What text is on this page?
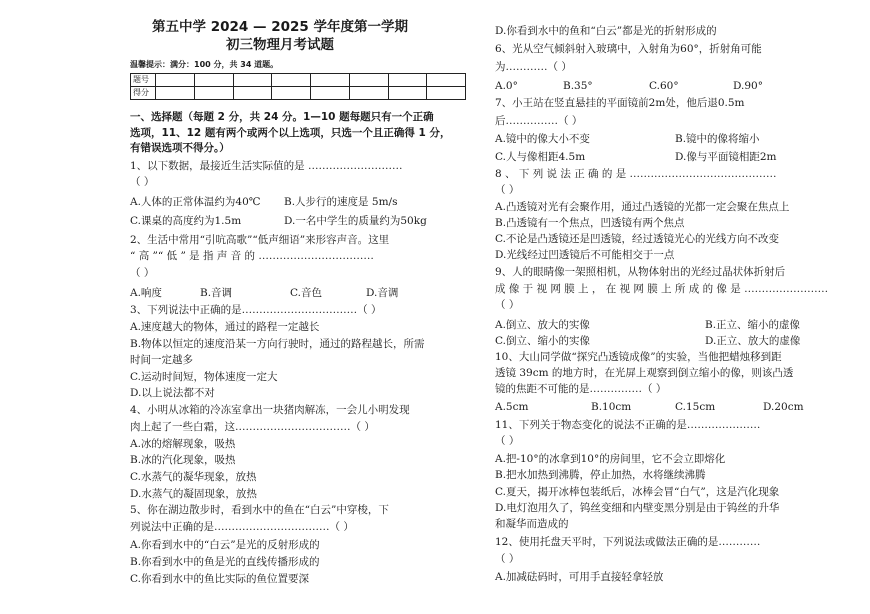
第五中学 2024 — 2025 学年度第一学期
初三物理月考试题
温馨提示：满分：100 分，共 34 道题。
题号								
得分								
一、选择题（每题 2 分，共 24 分。1—10 题每题只有一个正确
选项，11、12 题有两个或两个以上选项，只选一个且正确得 1 分，
有错误选项不得分。）
1、以下数据，最接近生活实际值的是 ………………………
（ ）
A.人体的正常体温约为40℃ B.人步行的速度是 5m/s
C.课桌的高度约为1.5m	D.一名中学生的质量约为50kg
2、生活中常用“引吭高歌”“低声细语”来形容声音。这里
“ 高 ”“ 低 ” 是 指 声 音 的 ……………………………
（ ）
A.响度	B.音调	C.音色	D.音调
3、下列说法中正确的是……………………………（ ）
A.速度越大的物体，通过的路程一定越长
B.物体以恒定的速度沿某一方向行驶时，通过的路程越长，所需
时间一定越多
C.运动时间短，物体速度一定大
D.以上说法都不对
4、小明从冰箱的冷冻室拿出一块猪肉解冻，一会儿小明发现
肉上起了一些白霜，这……………………………（ ）
A.冰的熔解现象，吸热
B.冰的汽化现象，吸热
C.水蒸气的凝华现象，放热
D.水蒸气的凝固现象，放热
5、你在湖边散步时，看到水中的鱼在“白云”中穿梭，下
列说法中正确的是……………………………（ ）
A.你看到水中的“白云”是光的反射形成的
B.你看到水中的鱼是光的直线传播形成的
C.你看到水中的鱼比实际的鱼位置要深
D.你看到水中的鱼和“白云”都是光的折射形成的
6、光从空气倾斜射入玻璃中，入射角为60°，折射角可能
为…………（ ）
A.0°	B.35°	C.60°	D.90°
7、小王站在竖直悬挂的平面镜前2m处，他后退0.5m
后……………（ ）
A.镜中的像大小不变	B.镜中的像将缩小
C.人与像相距4.5m	D.像与平面镜相距2m
8 、 下 列 说 法 正 确 的 是 ……………………………………
（ ）
A.凸透镜对光有会聚作用，通过凸透镜的光都一定会聚在焦点上
B.凸透镜有一个焦点，凹透镜有两个焦点
C.不论是凸透镜还是凹透镜，经过透镜光心的光线方向不改变
D.光线经过凹透镜后不可能相交于一点
9、人的眼睛像一架照相机，从物体射出的光经过晶状体折射后
成 像 于 视 网 膜 上 ， 在 视 网 膜 上 所 成 的 像 是 ……………………
（ ）
A.倒立、放大的实像	B.正立、缩小的虚像
C.倒立、缩小的实像	D.正立、放大的虚像
10、大山同学做“探究凸透镜成像”的实验，当他把蜡烛移到距
透镜 39cm 的地方时，在光屏上观察到倒立缩小的像，则该凸透
镜的焦距不可能的是……………（ ）
A.5cm	B.10cm	C.15cm	D.20cm
11、下列关于物态变化的说法不正确的是…………………
（ ）
A.把-10°的冰拿到10°的房间里，它不会立即熔化
B.把水加热到沸腾，停止加热，水将继续沸腾
C.夏天，揭开冰棒包装纸后，冰棒会冒“白气”，这是汽化现象
D.电灯泡用久了，钨丝变细和内壁变黑分别是由于钨丝的升华
和凝华而造成的
12、使用托盘天平时，下列说法或做法正确的是…………
（ ）
A.加减砝码时，可用手直接轻拿轻放
